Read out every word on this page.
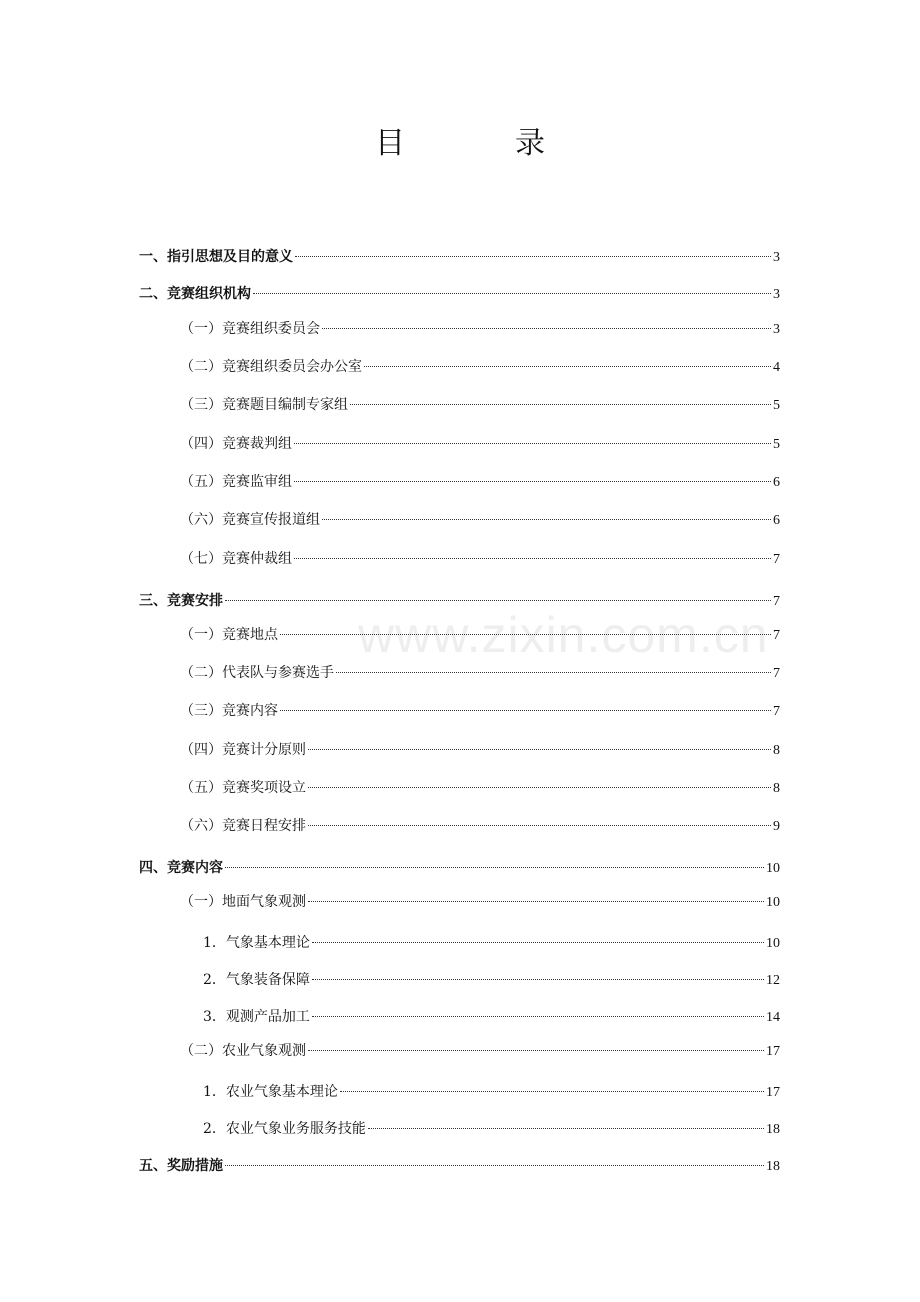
目　录
www.zixin.com.cn
一、指引思想及目的意义	3
二、竞赛组织机构	3
（一）竞赛组织委员会	3
（二）竞赛组织委员会办公室	4
（三）竞赛题目编制专家组	5
（四）竞赛裁判组	5
（五）竞赛监审组	6
（六）竞赛宣传报道组	6
（七）竞赛仲裁组	7
三、竞赛安排	7
（一）竞赛地点	7
（二）代表队与参赛选手	7
（三）竞赛内容	7
（四）竞赛计分原则	8
（五）竞赛奖项设立	8
（六）竞赛日程安排	9
四、竞赛内容	10
（一）地面气象观测	10
1．气象基本理论	10
2．气象装备保障	12
3．观测产品加工	14
（二）农业气象观测	17
1．农业气象基本理论	17
2．农业气象业务服务技能	18
五、奖励措施	18
